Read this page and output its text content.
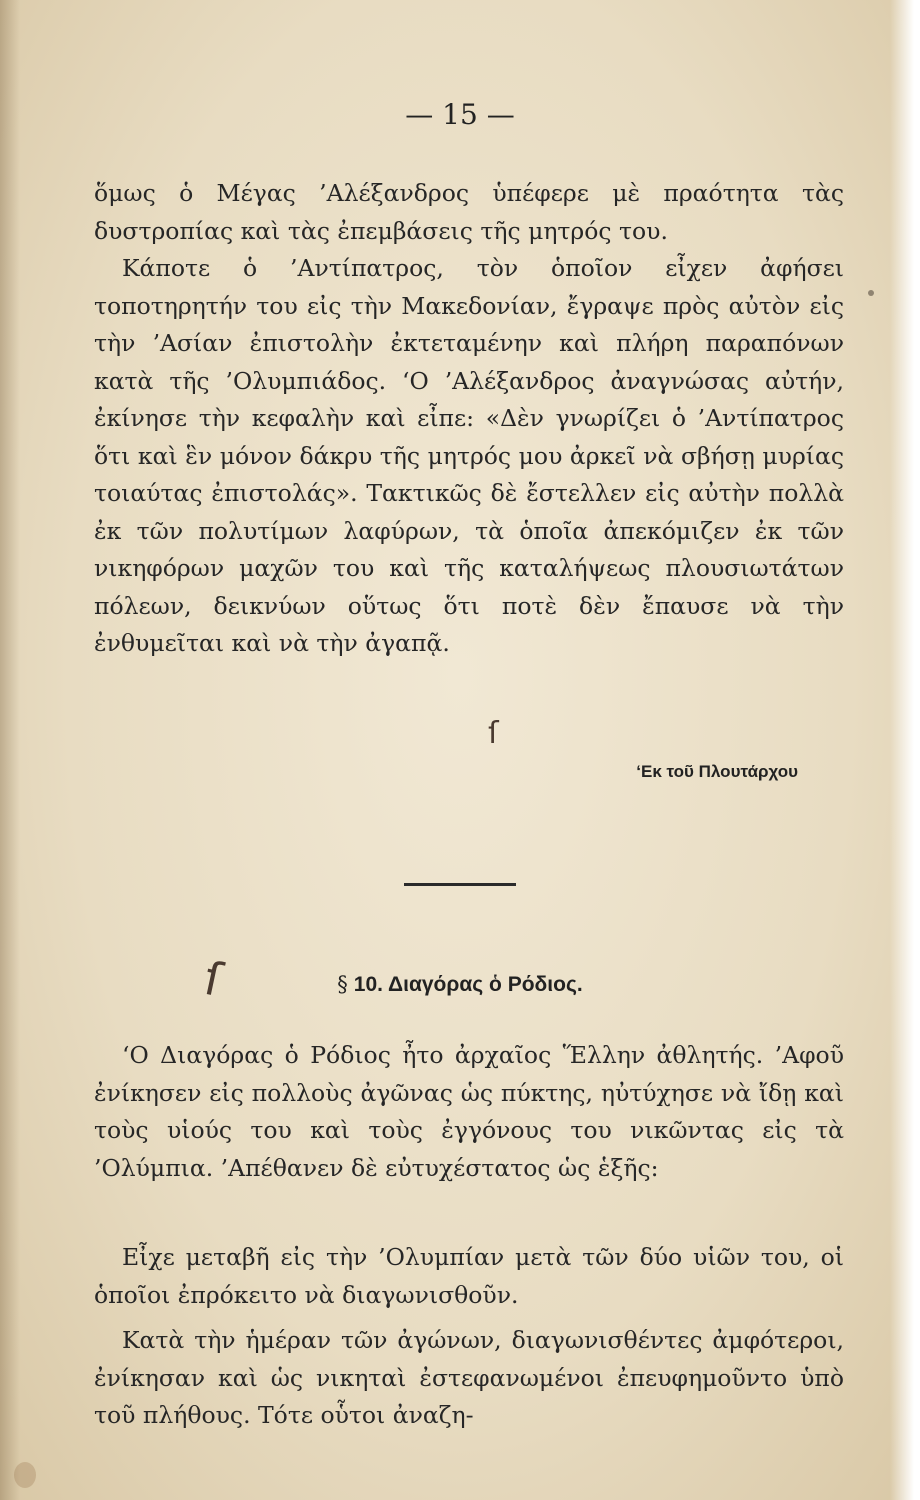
— 15 —

ὅμως ὁ Μέγας ’Αλέξανδρος ὑπέφερε μὲ πραότητα τὰς δυστροπίας καὶ τὰς ἐπεμβάσεις τῆς μητρός του.

Κάποτε ὁ ’Αντίπατρος, τὸν ὁποῖον εἶχεν ἀφήσει τοποτηρητήν του εἰς τὴν Μακεδονίαν, ἔγραψε πρὸς αὐτὸν εἰς τὴν ’Ασίαν ἐπιστολὴν ἐκτεταμένην καὶ πλήρη παραπόνων κατὰ τῆς ’Ολυμπιάδος. ‘Ο ’Αλέξανδρος ἀναγνώσας αὐτήν, ἐκίνησε τὴν κεφαλὴν καὶ εἶπε: «Δὲν γνωρίζει ὁ ’Αντίπατρος ὅτι καὶ ἓν μόνον δάκρυ τῆς μητρός μου ἀρκεῖ νὰ σβήσῃ μυρίας τοιαύτας ἐπιστολάς». Τακτικῶς δὲ ἔστελλεν εἰς αὐτὴν πολλὰ ἐκ τῶν πολυτίμων λαφύρων, τὰ ὁποῖα ἀπεκόμιζεν ἐκ τῶν νικηφόρων μαχῶν του καὶ τῆς καταλήψεως πλουσιωτάτων πόλεων, δεικνύων οὕτως ὅτι ποτὲ δὲν ἔπαυσε νὰ τὴν ἐνθυμεῖται καὶ νὰ τὴν ἀγαπᾷ.

ſ
‘Εκ τοῦ Πλουτάρχου
ſ	§ 10. Διαγόρας ὁ Ρόδιος.

‘Ο Διαγόρας ὁ Ρόδιος ἦτο ἀρχαῖος Ἕλλην ἀθλητής. ’Αφοῦ ἐνίκησεν εἰς πολλοὺς ἀγῶνας ὡς πύκτης, ηὐτύχησε νὰ ἴδῃ καὶ τοὺς υἱούς του καὶ τοὺς ἐγγόνους του νικῶντας εἰς τὰ ’Ολύμπια. ’Απέθανεν δὲ εὐτυχέστατος ὡς ἑξῆς:

Εἶχε μεταβῆ εἰς τὴν ’Ολυμπίαν μετὰ τῶν δύο υἱῶν του, οἱ ὁποῖοι ἐπρόκειτο νὰ διαγωνισθοῦν.

Κατὰ τὴν ἡμέραν τῶν ἀγώνων, διαγωνισθέντες ἀμφότεροι, ἐνίκησαν καὶ ὡς νικηταὶ ἐστεφανωμένοι ἐπευφημοῦντο ὑπὸ τοῦ πλήθους. Τότε οὗτοι ἀναζη-
